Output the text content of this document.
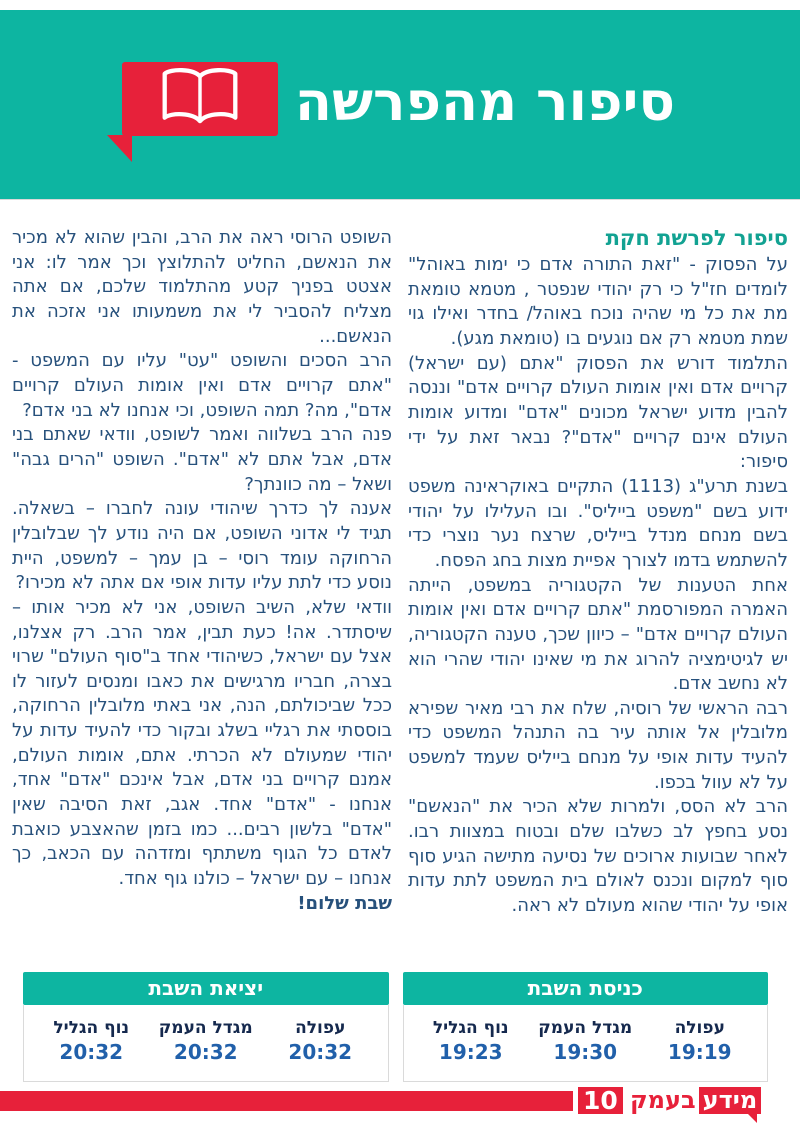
סיפור מהפרשה
סיפור לפרשת חקת

על הפסוק - "זאת התורה אדם כי ימות באוהל" לומדים חז"ל כי רק יהודי שנפטר , מטמא טומאת מת את כל מי שהיה נוכח באוהל/ בחדר ואילו גוי שמת מטמא רק אם נוגעים בו (טומאת מגע).

התלמוד דורש את הפסוק "אתם (עם ישראל) קרויים אדם ואין אומות העולם קרויים אדם" וננסה להבין מדוע ישראל מכונים "אדם" ומדוע אומות העולם אינם קרויים "אדם"? נבאר זאת על ידי סיפור:

בשנת תרע"ג (1113) התקיים באוקראינה משפט ידוע בשם "משפט בייליס". ובו העלילו על יהודי בשם מנחם מנדל בייליס, שרצח נער נוצרי כדי להשתמש בדמו לצורך אפיית מצות בחג הפסח.

אחת הטענות של הקטגוריה במשפט, הייתה האמרה המפורסמת "אתם קרויים אדם ואין אומות העולם קרויים אדם" – כיוון שכך, טענה הקטגוריה, יש לגיטימציה להרוג את מי שאינו יהודי שהרי הוא לא נחשב אדם.

רבה הראשי של רוסיה, שלח את רבי מאיר שפירא מלובלין אל אותה עיר בה התנהל המשפט כדי להעיד עדות אופי על מנחם בייליס שעמד למשפט על לא עוול בכפו.

הרב לא הסס, ולמרות שלא הכיר את "הנאשם" נסע בחפץ לב כשלבו שלם ובטוח במצוות רבו. לאחר שבועות ארוכים של נסיעה מתישה הגיע סוף סוף למקום ונכנס לאולם בית המשפט לתת עדות אופי על יהודי שהוא מעולם לא ראה.

השופט הרוסי ראה את הרב, והבין שהוא לא מכיר את הנאשם, החליט להתלוצץ וכך אמר לו: אני אצטט בפניך קטע מהתלמוד שלכם, אם אתה מצליח להסביר לי את משמעותו אני אזכה את הנאשם...

הרב הסכים והשופט "עט" עליו עם המשפט - "אתם קרויים אדם ואין אומות העולם קרויים אדם", מה? תמה השופט, וכי אנחנו לא בני אדם?

פנה הרב בשלווה ואמר לשופט, וודאי שאתם בני אדם, אבל אתם לא "אדם". השופט "הרים גבה" ושאל – מה כוונתך?

אענה לך כדרך שיהודי עונה לחברו – בשאלה. תגיד לי אדוני השופט, אם היה נודע לך שבלובלין הרחוקה עומד רוסי – בן עמך – למשפט, היית נוסע כדי לתת עליו עדות אופי אם אתה לא מכירו?

וודאי שלא, השיב השופט, אני לא מכיר אותו – שיסתדר. אה! כעת תבין, אמר הרב. רק אצלנו, אצל עם ישראל, כשיהודי אחד ב"סוף העולם" שרוי בצרה, חבריו מרגישים את כאבו ומנסים לעזור לו ככל שביכולתם, הנה, אני באתי מלובלין הרחוקה, בוססתי את רגליי בשלג ובקור כדי להעיד עדות על יהודי שמעולם לא הכרתי. אתם, אומות העולם, אמנם קרויים בני אדם, אבל אינכם "אדם" אחד, אנחנו - "אדם" אחד. אגב, זאת הסיבה שאין "אדם" בלשון רבים... כמו בזמן שהאצבע כואבת לאדם כל הגוף משתתף ומזדהה עם הכאב, כך אנחנו – עם ישראל – כולנו גוף אחד.

שבת שלום!

כניסת השבת
עפולה
19:19
מגדל העמק
19:30
נוף הגליל
19:23
יציאת השבת
עפולה
20:32
מגדל העמק
20:32
נוף הגליל
20:32
10	מידע
בעמק
